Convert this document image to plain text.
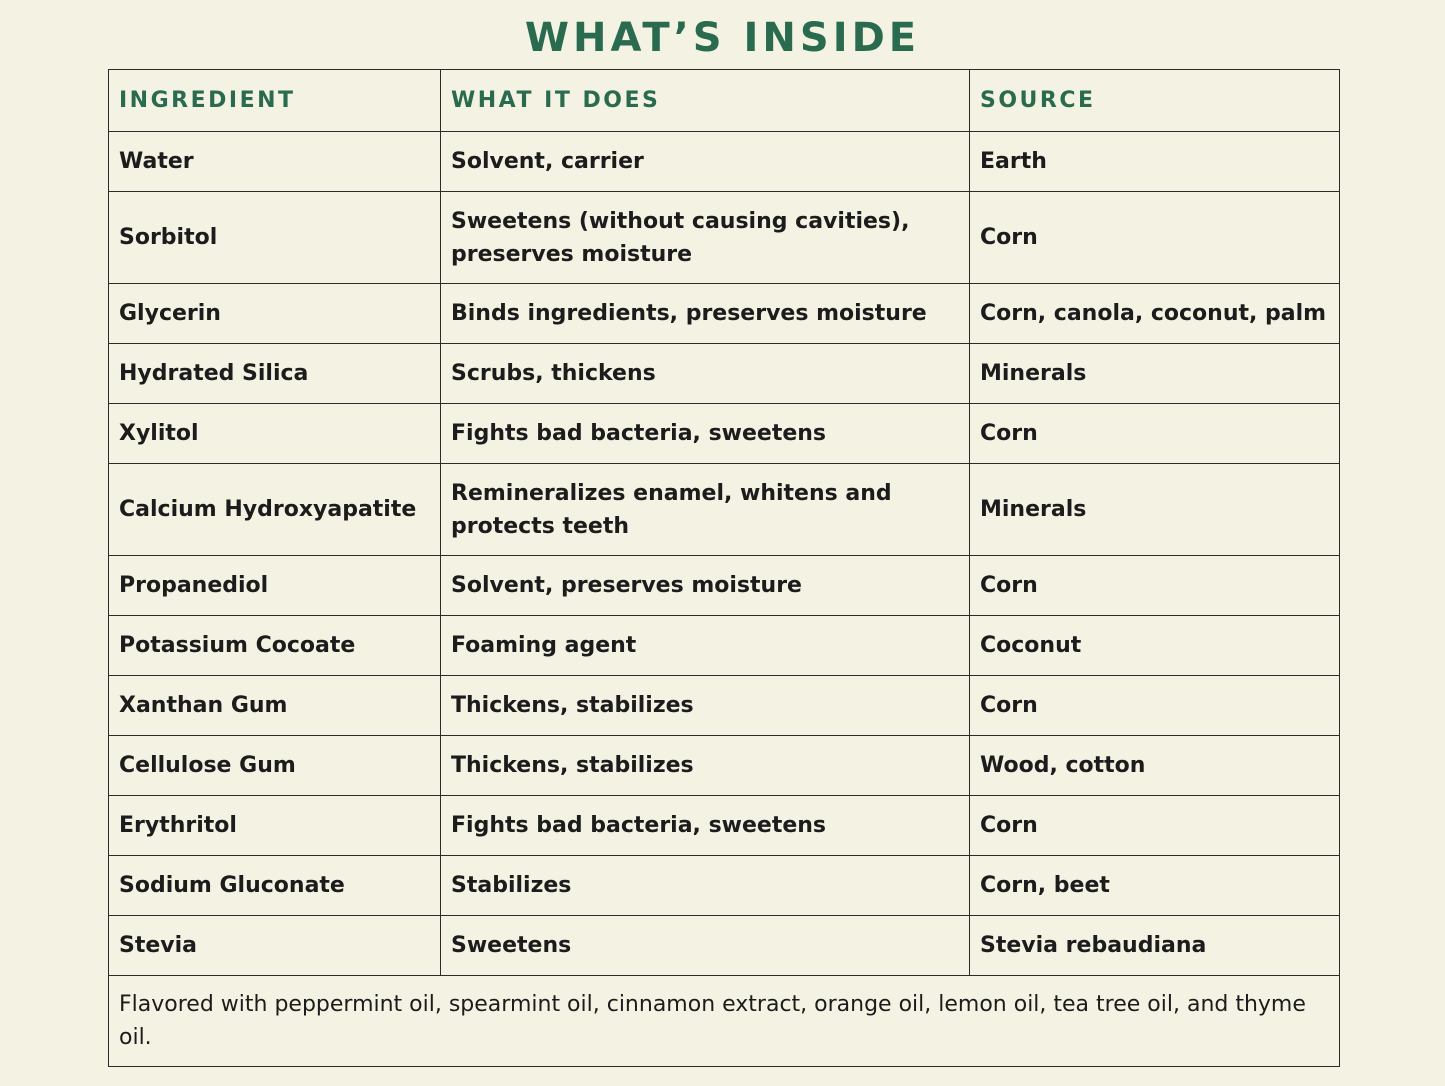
WHAT’S INSIDE
INGREDIENT	WHAT IT DOES	SOURCE
Water	Solvent, carrier	Earth
Sorbitol	Sweetens (without causing cavities), preserves moisture	Corn
Glycerin	Binds ingredients, preserves moisture	Corn, canola, coconut, palm
Hydrated Silica	Scrubs, thickens	Minerals
Xylitol	Fights bad bacteria, sweetens	Corn
Calcium Hydroxyapatite	Remineralizes enamel, whitens and protects teeth	Minerals
Propanediol	Solvent, preserves moisture	Corn
Potassium Cocoate	Foaming agent	Coconut
Xanthan Gum	Thickens, stabilizes	Corn
Cellulose Gum	Thickens, stabilizes	Wood, cotton
Erythritol	Fights bad bacteria, sweetens	Corn
Sodium Gluconate	Stabilizes	Corn, beet
Stevia	Sweetens	Stevia rebaudiana
Flavored with peppermint oil, spearmint oil, cinnamon extract, orange oil, lemon oil, tea tree oil, and thyme oil.		
